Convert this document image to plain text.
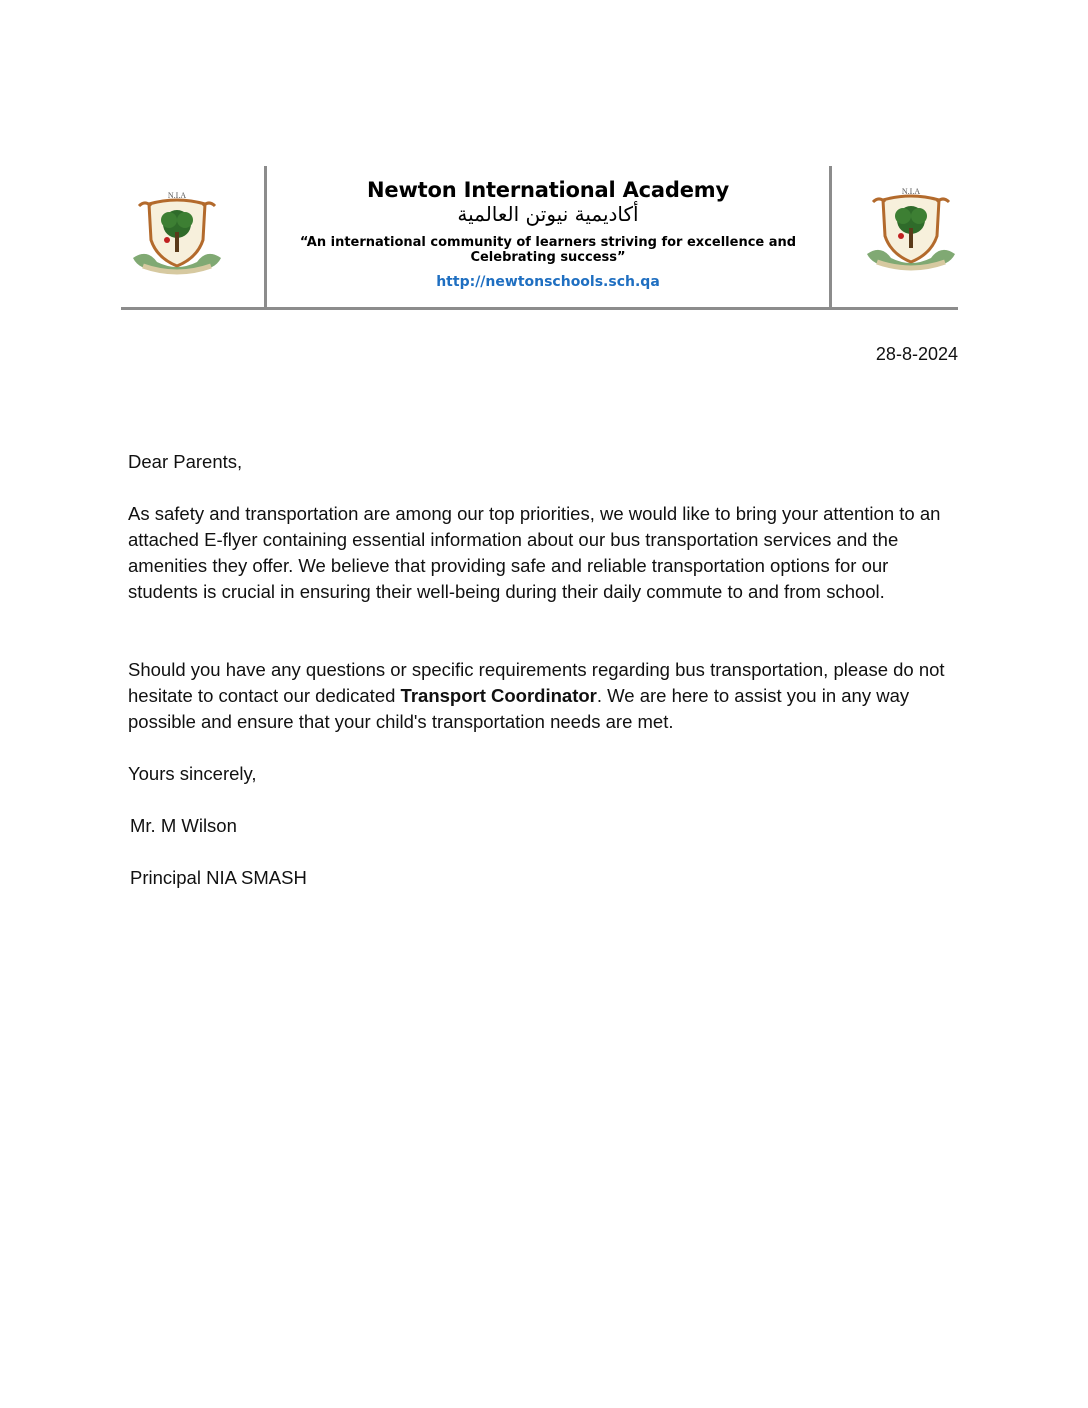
N.I.A	Newton International Academy
أكاديمية نيوتن العالمية
“An international community of learners striving for excellence and
Celebrating success”
http://newtonschools.sch.qa
N.I.A
28-8-2024
Dear Parents,

As safety and transportation are among our top priorities, we would like to bring your attention to an attached E-flyer containing essential information about our bus transportation services and the amenities they offer. We believe that providing safe and reliable transportation options for our students is crucial in ensuring their well-being during their daily commute to and from school.

Should you have any questions or specific requirements regarding bus transportation, please do not hesitate to contact our dedicated Transport Coordinator. We are here to assist you in any way possible and ensure that your child's transportation needs are met.

Yours sincerely,
Mr. M Wilson
Principal NIA SMASH
